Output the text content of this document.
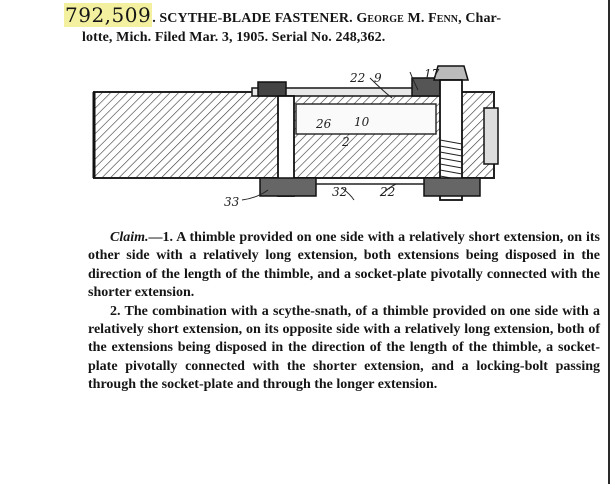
792,509. SCYTHE-BLADE FASTENER. George M. Fenn, Char-
lotte, Mich. Filed Mar. 3, 1905. Serial No. 248,362.
22 9	17
26 10
2
32	22
33

Claim.—1. A thimble provided on one side with a relatively short extension, on its other side with a relatively long extension, both extensions being disposed in the direction of the length of the thimble, and a socket-plate pivotally connected with the shorter extension.

2. The combination with a scythe-snath, of a thimble provided on one side with a relatively short extension, on its opposite side with a relatively long extension, both of the extensions being disposed in the direction of the length of the thimble, a socket-plate pivotally connected with the shorter extension, and a locking-bolt passing through the socket-plate and through the longer extension.
